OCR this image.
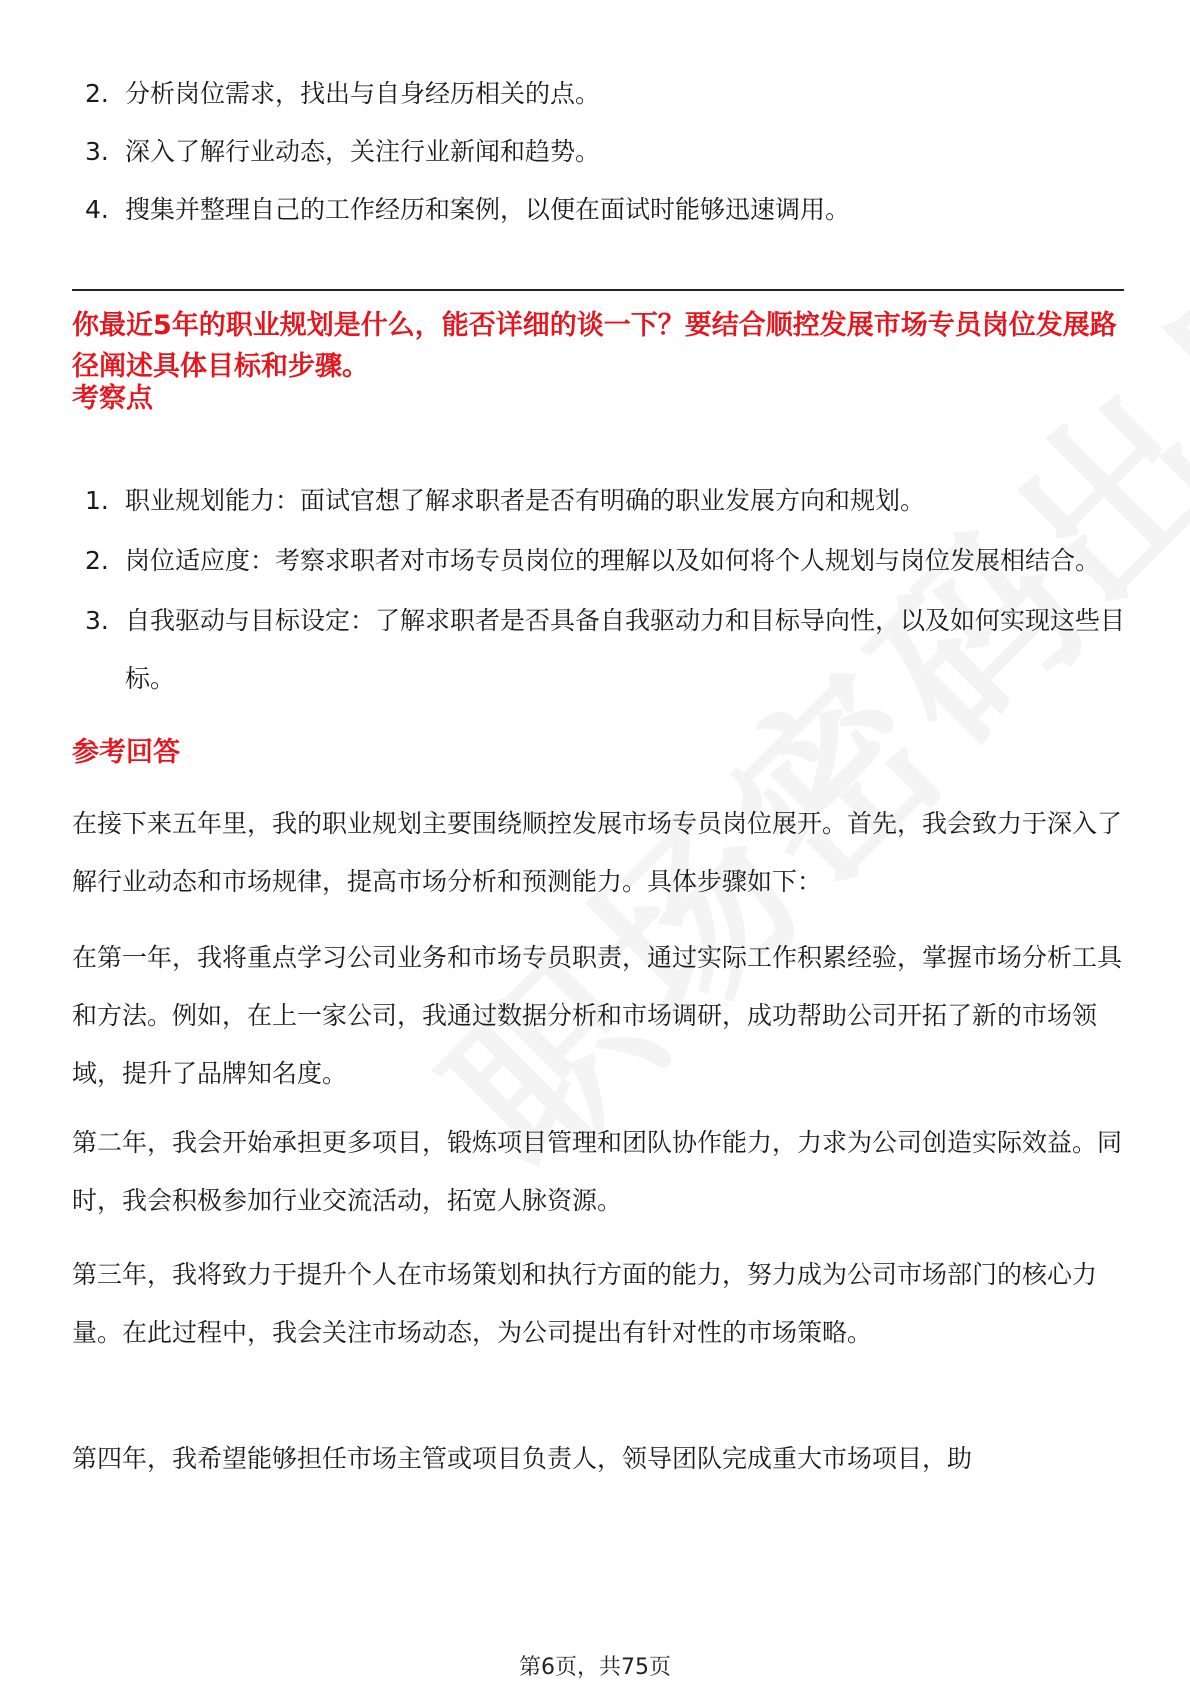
2. 分析岗位需求，找出与自身经历相关的点。
3. 深入了解行业动态，关注行业新闻和趋势。
4. 搜集并整理自己的工作经历和案例，以便在面试时能够迅速调用。
你最近5年的职业规划是什么，能否详细的谈一下？要结合顺控发展市场专员岗位发展路径阐述具体目标和步骤。
考察点
1. 职业规划能力：面试官想了解求职者是否有明确的职业发展方向和规划。
2. 岗位适应度：考察求职者对市场专员岗位的理解以及如何将个人规划与岗位发展相结合。
3. 自我驱动与目标设定：了解求职者是否具备自我驱动力和目标导向性，以及如何实现这些目标。
参考回答

在接下来五年里，我的职业规划主要围绕顺控发展市场专员岗位展开。首先，我会致力于深入了解行业动态和市场规律，提高市场分析和预测能力。具体步骤如下：

在第一年，我将重点学习公司业务和市场专员职责，通过实际工作积累经验，掌握市场分析工具和方法。例如，在上一家公司，我通过数据分析和市场调研，成功帮助公司开拓了新的市场领域，提升了品牌知名度。

第二年，我会开始承担更多项目，锻炼项目管理和团队协作能力，力求为公司创造实际效益。同时，我会积极参加行业交流活动，拓宽人脉资源。

第三年，我将致力于提升个人在市场策划和执行方面的能力，努力成为公司市场部门的核心力量。在此过程中，我会关注市场动态，为公司提出有针对性的市场策略。

第四年，我希望能够担任市场主管或项目负责人，领导团队完成重大市场项目，助

第6页，共75页
